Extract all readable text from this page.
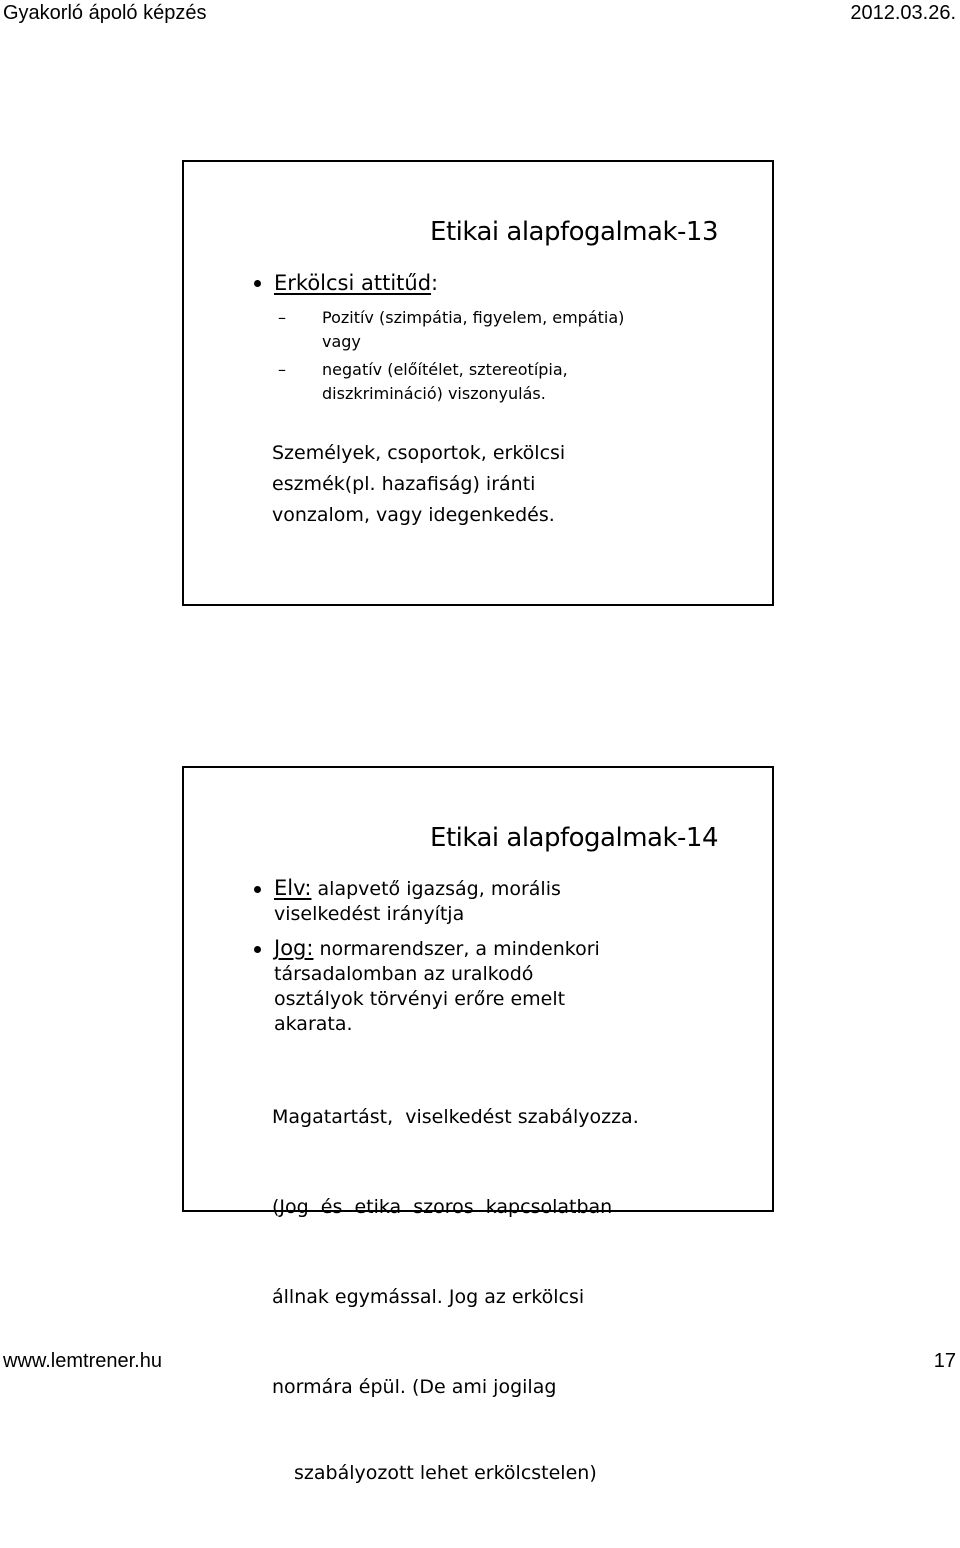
Gyakorló ápoló képzés	2012.03.26.
Etikai alapfogalmak-13
Erkölcsi attitűd:
– Pozitív (szimpátia, figyelem, empátia)
vagy
– negatív (előítélet, sztereotípia,
diszkrimináció) viszonyulás.
Személyek, csoportok, erkölcsi
eszmék(pl. hazafiság) iránti
vonzalom, vagy idegenkedés.
Etikai alapfogalmak-14
Elv: alapvető igazság, morális
viselkedést irányítja
Jog: normarendszer, a mindenkori
társadalomban az uralkodó
osztályok törvényi erőre emelt
akarata.

Magatartást,  viselkedést szabályozza.

(Jog  és  etika  szoros  kapcsolatban

állnak egymással. Jog az erkölcsi

normára épül. (De ami jogilag

szabályozott lehet erkölcstelen)

www.lemtrener.hu	17
